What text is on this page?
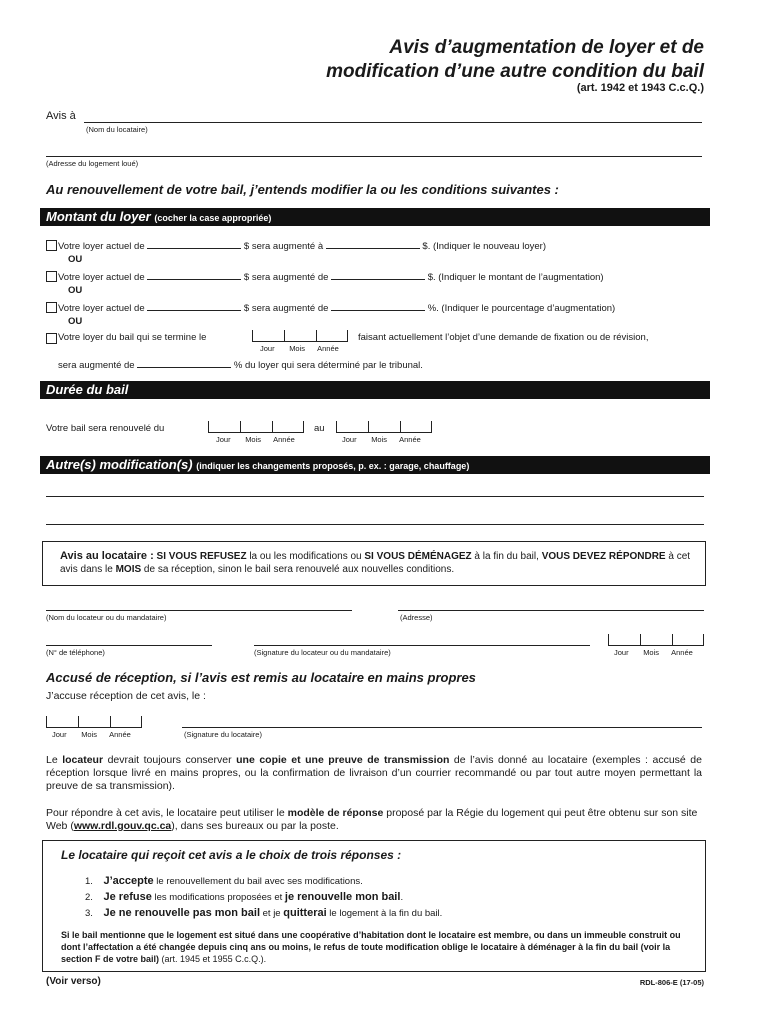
Avis d’augmentation de loyer et de
modification d’une autre condition du bail
(art. 1942 et 1943 C.c.Q.)
Avis à
(Nom du locataire)
(Adresse du logement loué)
Au renouvellement de votre bail, j’entends modifier la ou les conditions suivantes :
Montant du loyer (cocher la case appropriée)
Votre loyer actuel de	$ sera augmenté à	$. (Indiquer le nouveau loyer)
OU
Votre loyer actuel de	$ sera augmenté de	$. (Indiquer le montant de l’augmentation)
OU
Votre loyer actuel de	$ sera augmenté de	%. (Indiquer le pourcentage d’augmentation)
OU
Votre loyer du bail qui se termine le
Jour Mois Année
faisant actuellement l’objet d’une demande de fixation ou de révision,
sera augmenté de	% du loyer qui sera déterminé par le tribunal.
Durée du bail
Votre bail sera renouvelé du
Jour Mois Année
au
Jour Mois Année
Autre(s) modification(s) (indiquer les changements proposés, p. ex. : garage, chauffage)
Avis au locataire : SI VOUS REFUSEZ la ou les modifications ou SI VOUS DÉMÉNAGEZ à la fin du bail, VOUS DEVEZ RÉPONDRE à cet avis dans le MOIS de sa réception, sinon le bail sera renouvelé aux nouvelles conditions.
(Nom du locateur ou du mandataire)	(Adresse)
(N° de téléphone)	(Signature du locateur ou du mandataire)	Jour Mois Année
Accusé de réception, si l’avis est remis au locataire en mains propres
J’accuse réception de cet avis, le :
Jour Mois Année	(Signature du locataire)
Le locateur devrait toujours conserver une copie et une preuve de transmission de l’avis donné au locataire (exemples : accusé de réception lorsque livré en mains propres, ou la confirmation de livraison d’un courrier recommandé ou par tout autre moyen permettant la preuve de sa transmission).
Pour répondre à cet avis, le locataire peut utiliser le modèle de réponse proposé par la Régie du logement qui peut être obtenu sur son site Web (www.rdl.gouv.qc.ca), dans ses bureaux ou par la poste.
Le locataire qui reçoit cet avis a le choix de trois réponses :
1. J’accepte le renouvellement du bail avec ses modifications.
2. Je refuse les modifications proposées et je renouvelle mon bail.
3. Je ne renouvelle pas mon bail et je quitterai le logement à la fin du bail.
Si le bail mentionne que le logement est situé dans une coopérative d’habitation dont le locataire est membre, ou dans un immeuble construit ou dont l’affectation a été changée depuis cinq ans ou moins, le refus de toute modification oblige le locataire à déménager à la fin du bail (voir la section F de votre bail) (art. 1945 et 1955 C.c.Q.).
(Voir verso)	RDL-806-E (17-05)
